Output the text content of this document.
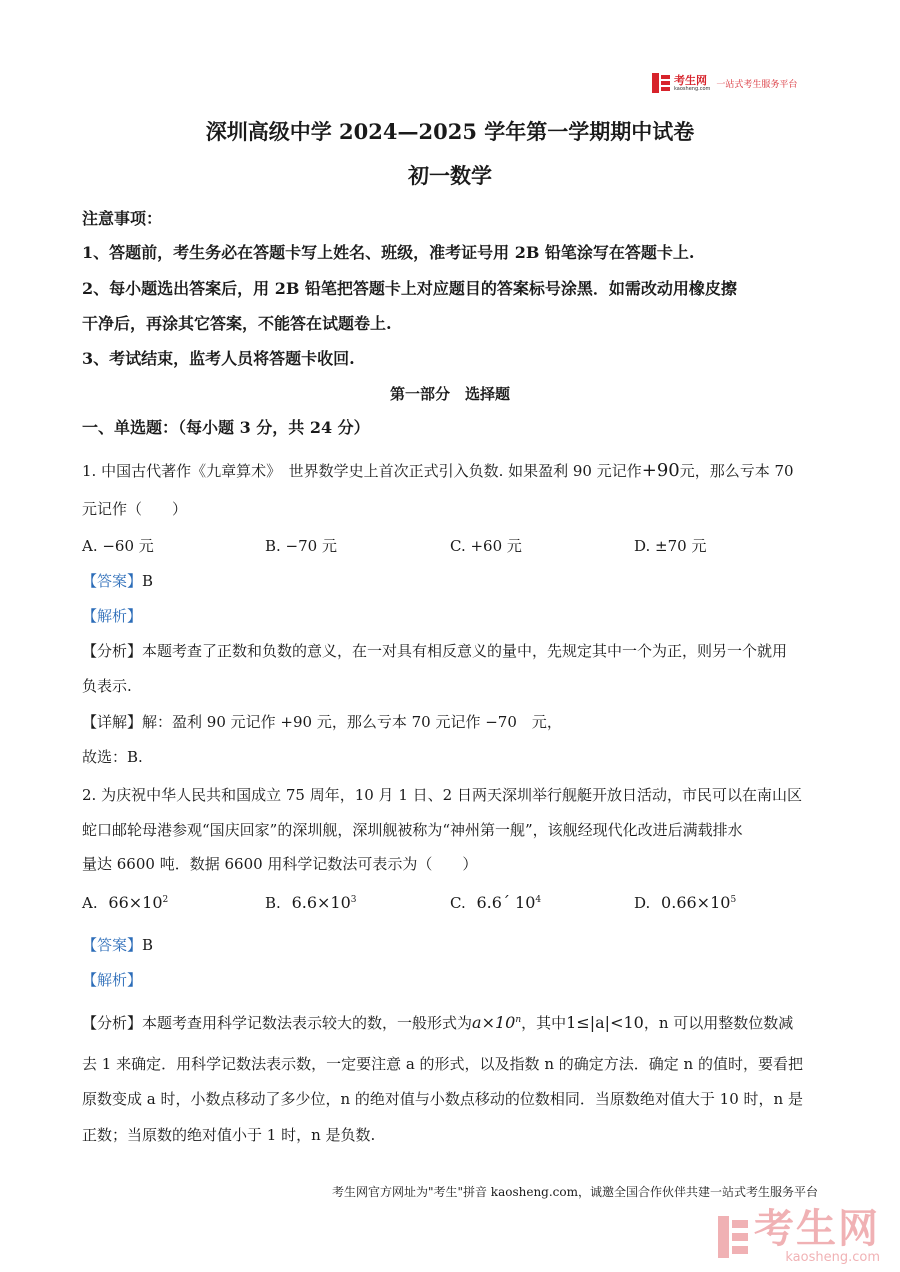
考生网
kaosheng.com 一站式考生服务平台
深圳高级中学 2024—2025 学年第一学期期中试卷
初一数学
注意事项：
1、答题前，考生务必在答题卡写上姓名、班级，准考证号用 2B 铅笔涂写在答题卡上.
2、每小题选出答案后，用 2B 铅笔把答题卡上对应题目的答案标号涂黑．如需改动用橡皮擦
干净后，再涂其它答案，不能答在试题卷上.
3、考试结束，监考人员将答题卡收回.
第一部分　选择题
一、单选题：（每小题 3 分，共 24 分）
1. 中国古代著作《九章算术》　世界数学史上首次正式引入负数. 如果盈利 90 元记作+90元，那么亏本 70
元记作（　　）
A. −60 元	B. −70 元	C. +60 元	D. ±70 元
【答案】B
【解析】
【分析】本题考查了正数和负数的意义，在一对具有相反意义的量中，先规定其中一个为正，则另一个就用
负表示.
【详解】解：盈利 90 元记作 +90 元，那么亏本 70 元记作 −70　元，
故选：B.
2. 为庆祝中华人民共和国成立 75 周年，10 月 1 日、2 日两天深圳举行舰艇开放日活动，市民可以在南山区
蛇口邮轮母港参观“国庆回家”的深圳舰，深圳舰被称为“神州第一舰”，该舰经现代化改进后满载排水
量达 6600 吨．数据 6600 用科学记数法可表示为（　　）
A. $66\times 10^2$	B. $6.6\times 10^3$	C. 6.6´ $10^4$	D. $0.66\times 10^5$
【答案】B
【解析】
【分析】本题考查用科学记数法表示较大的数，一般形式为$a\times 10^n$，其中1≤|a|<10，n 可以用整数位数减
去 1 来确定．用科学记数法表示数，一定要注意 a 的形式，以及指数 n 的确定方法．确定 n 的值时，要看把
原数变成 a 时，小数点移动了多少位，n 的绝对值与小数点移动的位数相同．当原数绝对值大于 10 时，n 是
正数；当原数的绝对值小于 1 时，n 是负数.
考生网官方网址为"考生"拼音 kaosheng.com，诚邀全国合作伙伴共建一站式考生服务平台
考生网
kaosheng.com
